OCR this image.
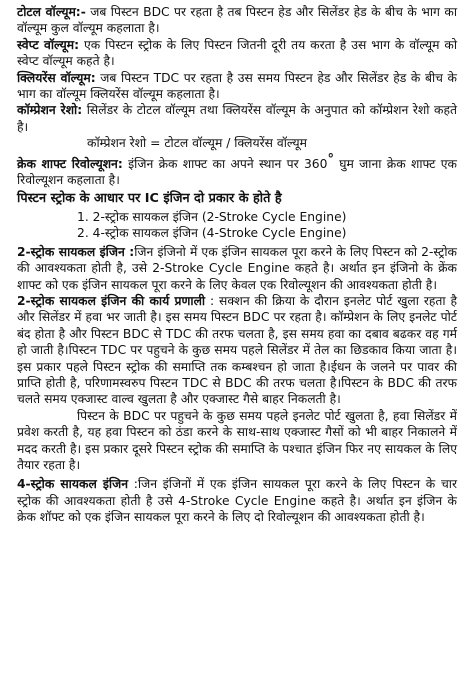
टोटल वॉल्यूम:- जब पिस्टन BDC पर रहता है तब पिस्टन हेड और सिलेंडर हेड के बीच के भाग का वॉल्यूम कुल वॉल्यूम कहलाता है।

स्वेप्ट वॉल्यूम: एक पिस्टन स्ट्रोक के लिए पिस्टन जितनी दूरी तय करता है उस भाग के वॉल्यूम को स्वेप्ट वॉल्यूम कहते है।

क्लियरेंस वॉल्यूम: जब पिस्टन TDC पर रहता है उस समय पिस्टन हेड और सिलेंडर हेड के बीच के भाग का वॉल्यूम क्लियरेंस वॉल्यूम कहलाता है।

कॉम्प्रेशन रेशो: सिलेंडर के टोटल वॉल्यूम तथा क्लियरेंस वॉल्यूम के अनुपात को कॉम्प्रेशन रेशो कहते है।

कॉम्प्रेशन रेशो = टोटल वॉल्यूम / क्लियरेंस वॉल्यूम

क्रेक शाफ्ट रिवोल्यूशन: इंजिन क्रेक शाफ्ट का अपने स्थान पर 360° घुम जाना क्रेक शाफ्ट एक रिवोल्यूशन कहलाता है।

पिस्टन स्ट्रोक के आधार पर IC इंजिन दो प्रकार के होते है

1. 2-स्ट्रोक सायकल इंजिन (2-Stroke Cycle Engine)
2. 4-स्ट्रोक सायकल इंजिन (4-Stroke Cycle Engine)

2-स्ट्रोक सायकल इंजिन :जिन इंजिनो में एक इंजिन सायकल पूरा करने के लिए पिस्टन को 2-स्ट्रोक की आवश्यकता होती है, उसे 2-Stroke Cycle Engine कहते है। अर्थात इन इंजिनो के क्रेंक शाफ्ट को एक इंजिन सायकल पूरा करने के लिए केवल एक रिवोल्यूशन की आवश्यकता होती है।

2-स्ट्रोक सायकल इंजिन की कार्य प्रणाली : सक्शन की क्रिया के दौरान इनलेट पोर्ट खुला रहता है और सिलेंडर में हवा भर जाती है। इस समय पिस्टन BDC पर रहता है। कॉम्प्रेशन के लिए इनलेट पोर्ट बंद होता है और पिस्टन BDC से TDC की तरफ चलता है, इस समय हवा का दबाव बढकर वह गर्म हो जाती है।पिस्टन TDC पर पहुचने के कुछ समय पहले सिलेंडर में तेल का छिडकाव किया जाता है। इस प्रकार पहले पिस्टन स्ट्रोक की समाप्ति तक कम्बश्चन हो जाता है।ईधन के जलने पर पावर की प्राप्ति होती है, परिणामस्वरुप पिस्टन TDC से BDC की तरफ चलता है।पिस्टन के BDC की तरफ चलते समय एक्जास्ट वाल्व खुलता है और एक्जास्ट गैसे बाहर निकलती है।

पिस्टन के BDC पर पहुचने के कुछ समय पहले इनलेट पोर्ट खुलता है, हवा सिलेंडर में प्रवेश करती है, यह हवा पिस्टन को ठंडा करने के साथ-साथ एक्जास्ट गैसों को भी बाहर निकालने में मदद करती है। इस प्रकार दूसरे पिस्टन स्ट्रोक की समाप्ति के पश्चात इंजिन फिर नए सायकल के लिए तैयार रहता है।

4-स्ट्रोक सायकल इंजिन :जिन इंजिनों में एक इंजिन सायकल पूरा करने के लिए पिस्टन के चार स्ट्रोक की आवश्यकता होती है उसे 4-Stroke Cycle Engine कहते है। अर्थात इन इंजिन के क्रेक शॉफ्ट को एक इंजिन सायकल पूरा करने के लिए दो रिवोल्यूशन की आवश्यकता होती है।
